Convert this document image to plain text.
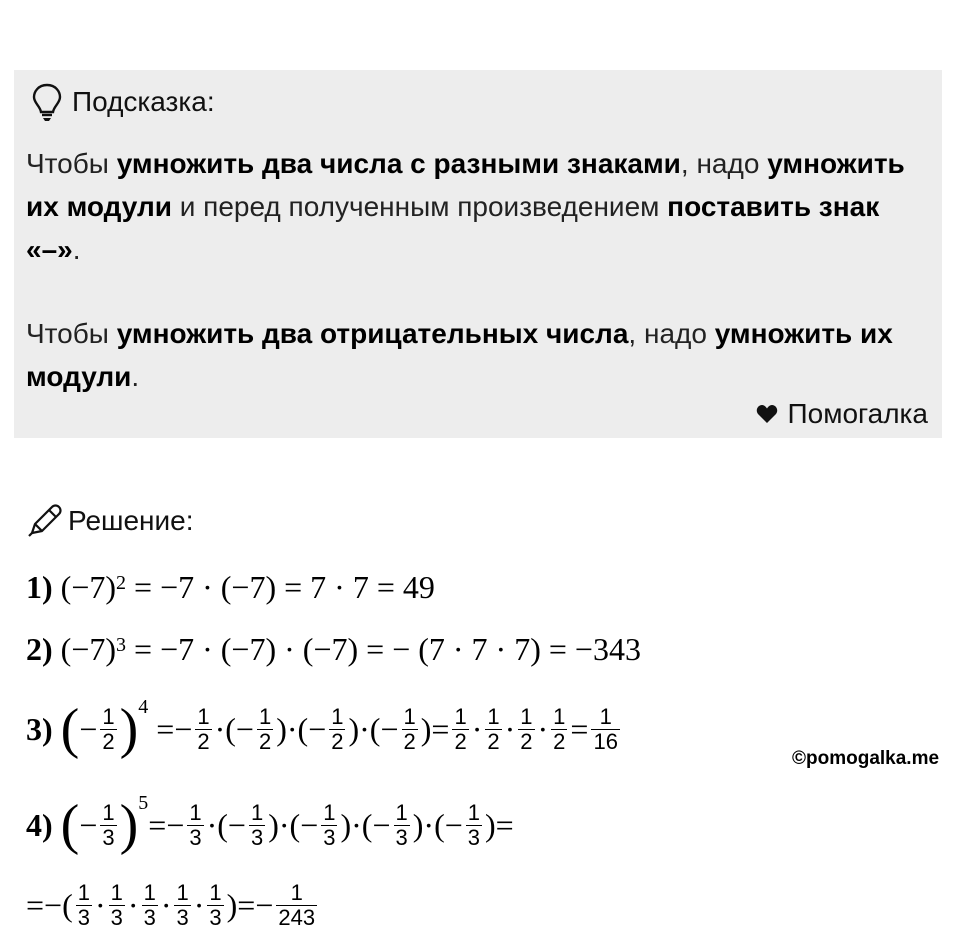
Подсказка:
Чтобы умножить два числа с разными знаками, надо умножить их модули и перед полученным произведением поставить знак «–».
Чтобы умножить два отрицательных числа, надо умножить их модули.
Помогалка
Решение:
1) $(-7)^2 = -7 \cdot (-7) = 7 \cdot 7 = 49$
2) $(-7)^3 = -7 \cdot (-7) \cdot (-7)$ = − (7 · 7 · 7) = −343
3) ( − $\frac{1}{2} )^4$

= − $\frac{1}{2}$ · ( − $\frac{1}{2}$ ) · ( − $\frac{1}{2}$ ) · ( − $\frac{1}{2}$ ) = $\frac{1}{2} \cdot \frac{1}{2} \cdot \frac{1}{2} \cdot \frac{1}{2} = \frac{1}{16}$
©pomogalka.me
4) ( − $\frac{1}{3} )^5$
= − $\frac{1}{3}$ · ( − $\frac{1}{3}$ ) · ( − $\frac{1}{3}$ ) · ( − $\frac{1}{3}$ ) · ( − $\frac{1}{3}$ ) =
= − ( $\frac{1}{3} \cdot \frac{1}{3} \cdot \frac{1}{3} \cdot \frac{1}{3} \cdot \frac{1}{3}$ ) = − $\frac{1}{243}$
